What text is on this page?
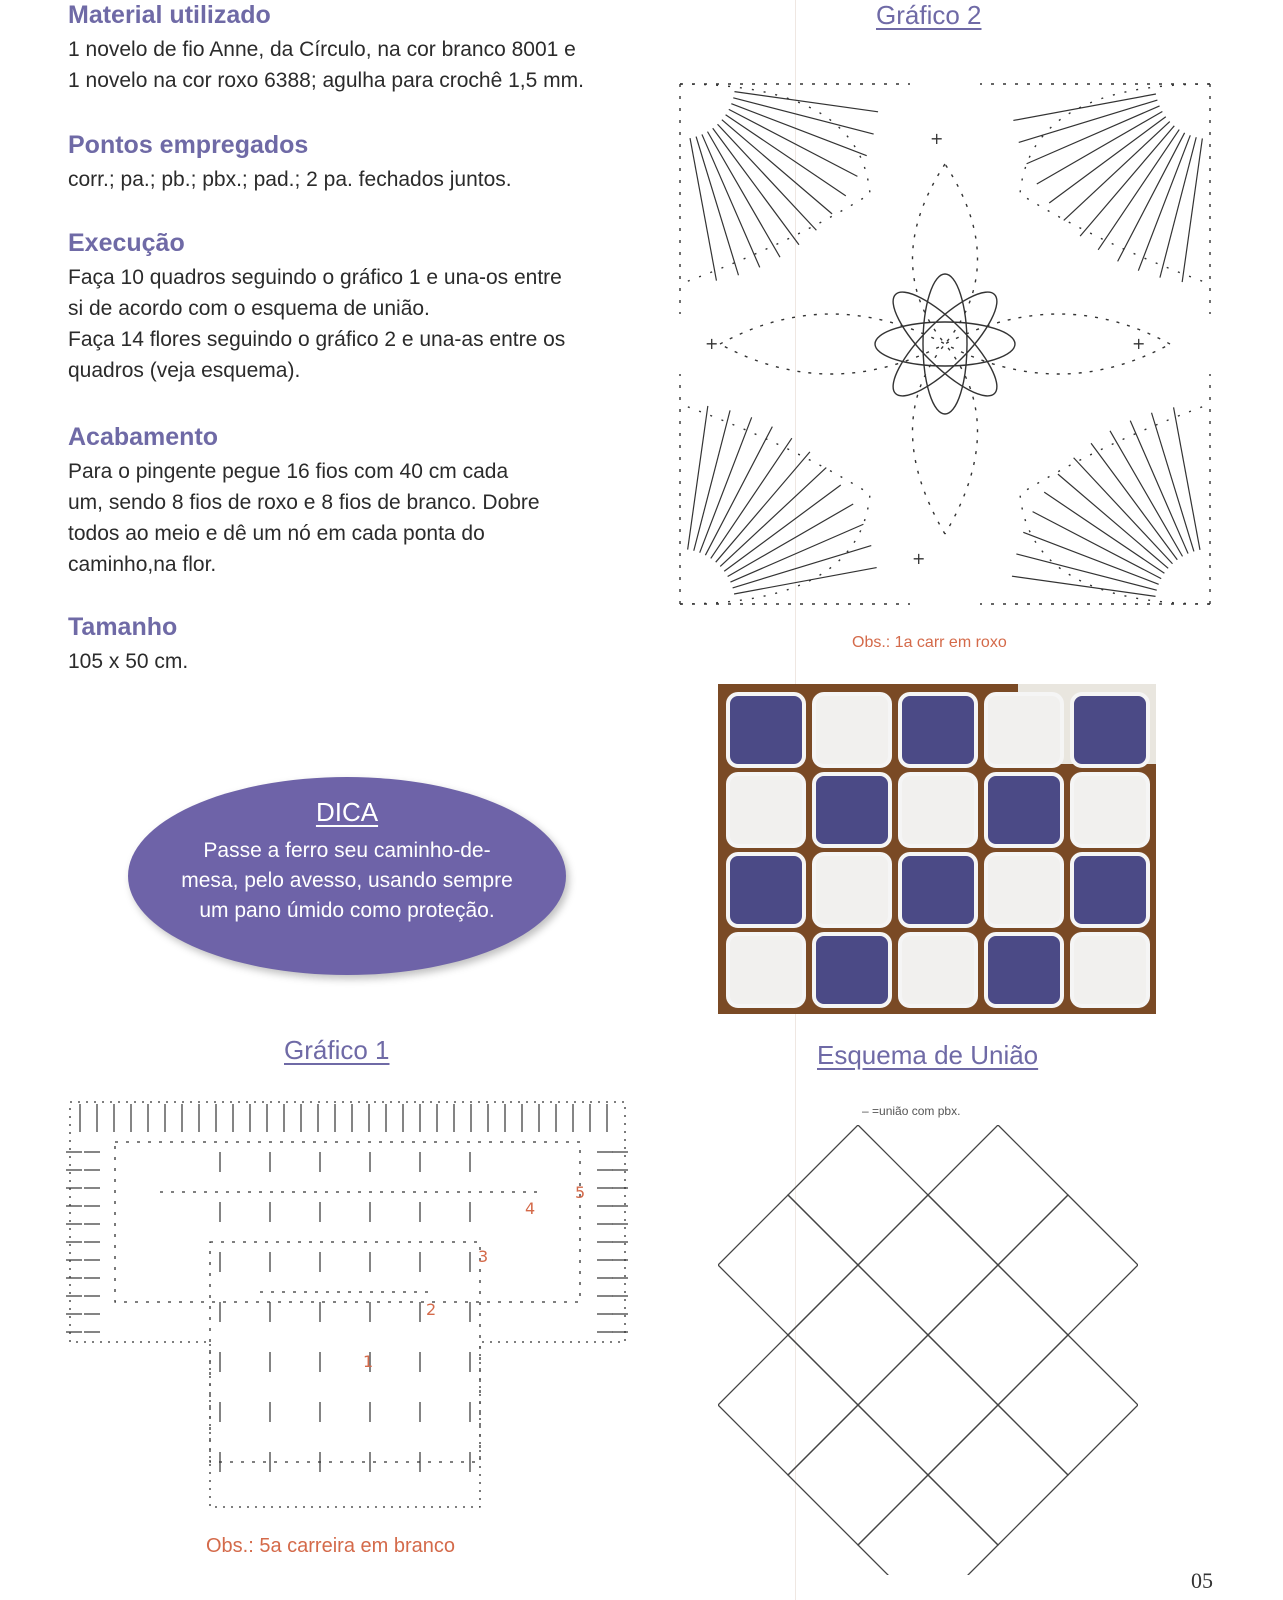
Material utilizado

1 novelo de fio Anne, da Círculo, na cor branco 8001 e

1 novelo na cor roxo 6388; agulha para crochê 1,5 mm.

Pontos empregados

corr.; pa.; pb.; pbx.; pad.; 2 pa. fechados juntos.

Execução

Faça 10 quadros seguindo o gráfico 1 e una-os entre

si de acordo com o esquema de união.

Faça 14 flores seguindo o gráfico 2 e una-as entre os

quadros (veja esquema).

Acabamento

Para o pingente pegue 16 fios com 40 cm cada

um, sendo 8 fios de roxo e 8 fios de branco. Dobre

todos ao meio e dê um nó em cada ponta do

caminho,na flor.

Tamanho

105 x 50 cm.

DICA
Passe a ferro seu caminho-de-mesa, pelo avesso, usando sempre um pano úmido como proteção.
Gráfico 2
+	+
+
+
Obs.: 1a carr em roxo
Gráfico 1
1
2
3
4
5
Obs.: 5a carreira em branco
Esquema de União
– =união com pbx.
05
